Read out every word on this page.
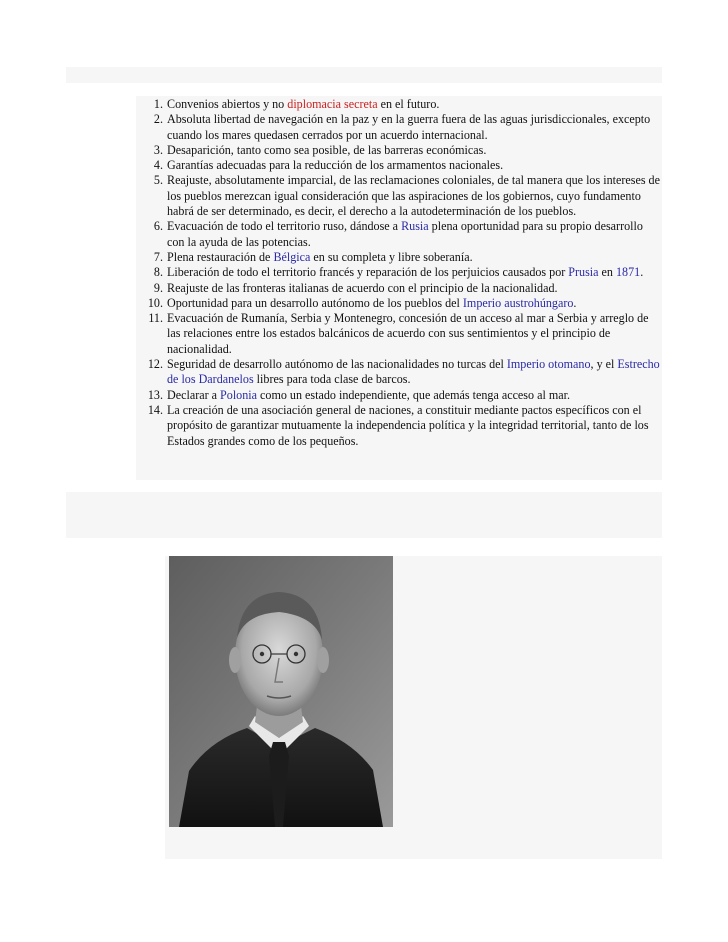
1. Convenios abiertos y no diplomacia secreta en el futuro.
2. Absoluta libertad de navegación en la paz y en la guerra fuera de las aguas jurisdiccionales, excepto cuando los mares quedasen cerrados por un acuerdo internacional.
3. Desaparición, tanto como sea posible, de las barreras económicas.
4. Garantías adecuadas para la reducción de los armamentos nacionales.
5. Reajuste, absolutamente imparcial, de las reclamaciones coloniales, de tal manera que los intereses de los pueblos merezcan igual consideración que las aspiraciones de los gobiernos, cuyo fundamento habrá de ser determinado, es decir, el derecho a la autodeterminación de los pueblos.
6. Evacuación de todo el territorio ruso, dándose a Rusia plena oportunidad para su propio desarrollo con la ayuda de las potencias.
7. Plena restauración de Bélgica en su completa y libre soberanía.
8. Liberación de todo el territorio francés y reparación de los perjuicios causados por Prusia en 1871.
9. Reajuste de las fronteras italianas de acuerdo con el principio de la nacionalidad.
10. Oportunidad para un desarrollo autónomo de los pueblos del Imperio austrohúngaro.
11. Evacuación de Rumanía, Serbia y Montenegro, concesión de un acceso al mar a Serbia y arreglo de las relaciones entre los estados balcánicos de acuerdo con sus sentimientos y el principio de nacionalidad.
12. Seguridad de desarrollo autónomo de las nacionalidades no turcas del Imperio otomano, y el Estrecho de los Dardanelos libres para toda clase de barcos.
13. Declarar a Polonia como un estado independiente, que además tenga acceso al mar.
14. La creación de una asociación general de naciones, a constituir mediante pactos específicos con el propósito de garantizar mutuamente la independencia política y la integridad territorial, tanto de los Estados grandes como de los pequeños.
